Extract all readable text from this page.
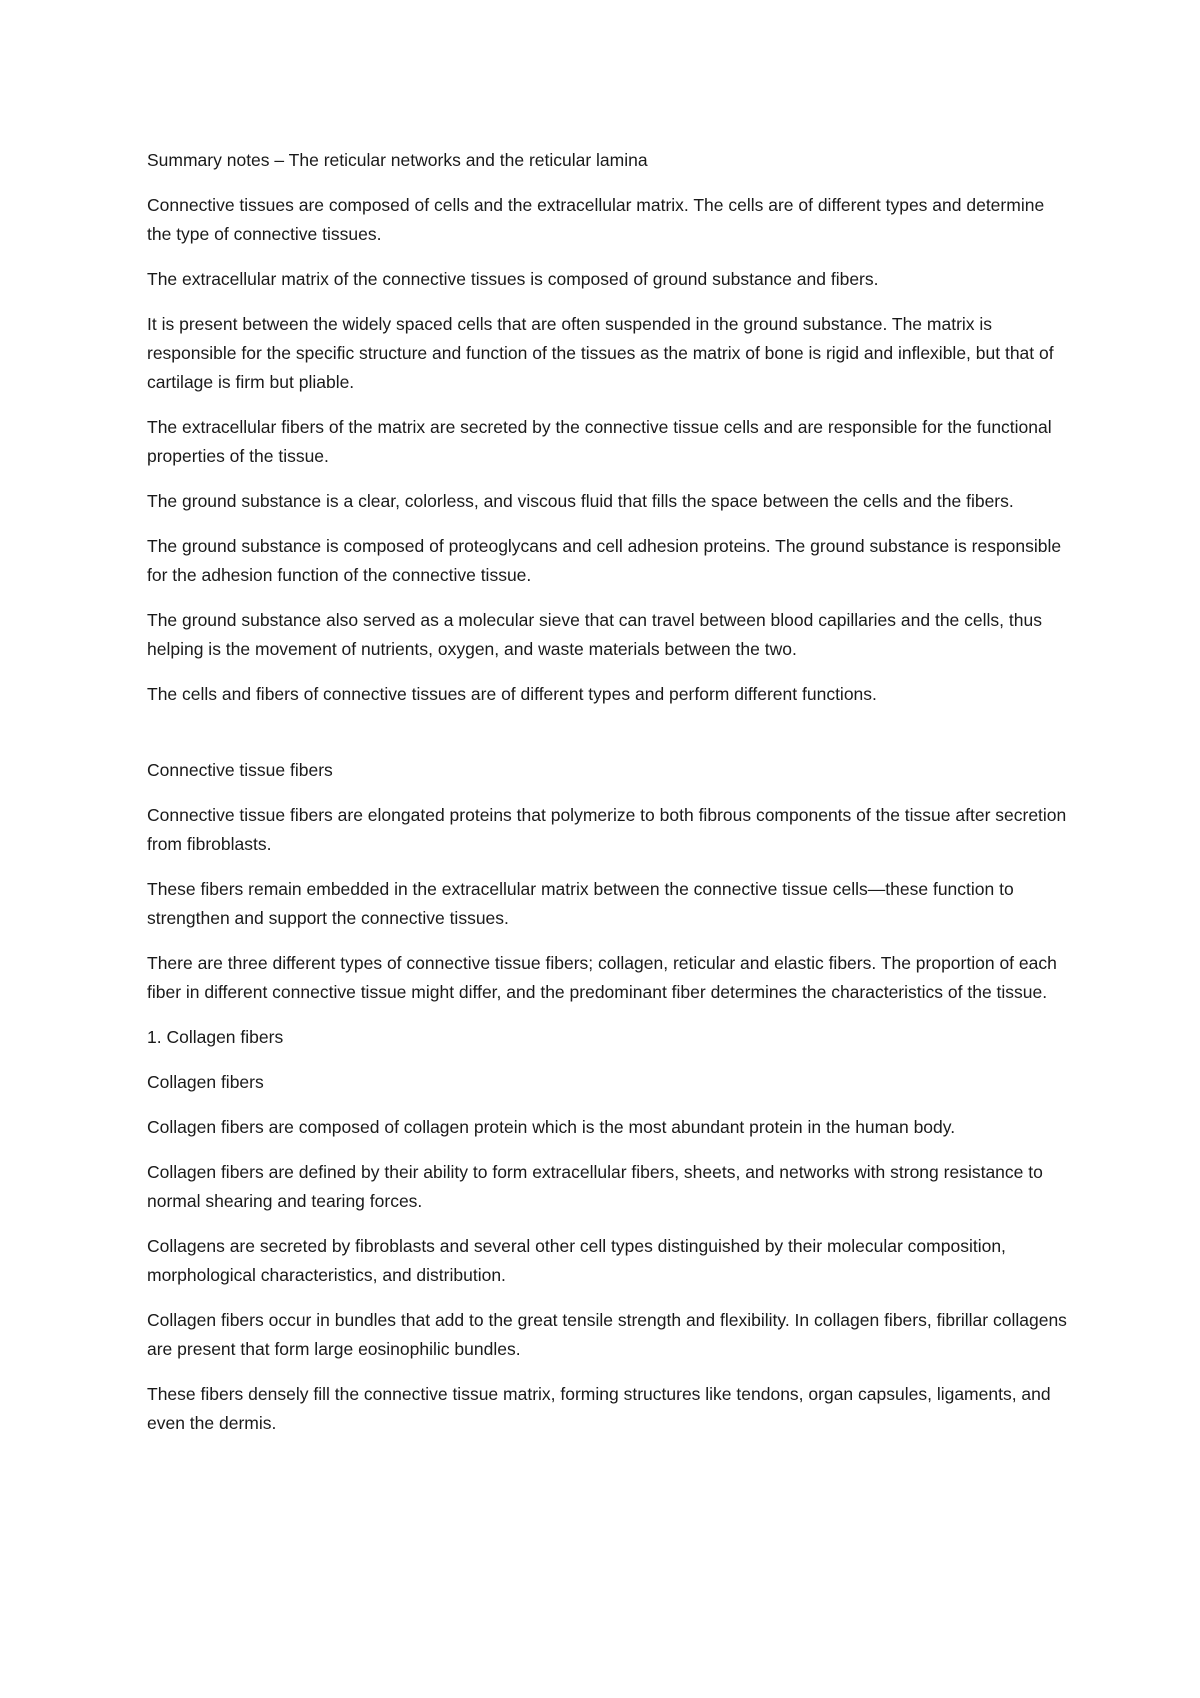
Summary notes – The reticular networks and the reticular lamina

Connective tissues are composed of cells and the extracellular matrix. The cells are of different types and determine the type of connective tissues.

The extracellular matrix of the connective tissues is composed of ground substance and fibers.

It is present between the widely spaced cells that are often suspended in the ground substance. The matrix is responsible for the specific structure and function of the tissues as the matrix of bone is rigid and inflexible, but that of cartilage is firm but pliable.

The extracellular fibers of the matrix are secreted by the connective tissue cells and are responsible for the functional properties of the tissue.

The ground substance is a clear, colorless, and viscous fluid that fills the space between the cells and the fibers.

The ground substance is composed of proteoglycans and cell adhesion proteins. The ground substance is responsible for the adhesion function of the connective tissue.

The ground substance also served as a molecular sieve that can travel between blood capillaries and the cells, thus helping is the movement of nutrients, oxygen, and waste materials between the two.

The cells and fibers of connective tissues are of different types and perform different functions.

Connective tissue fibers

Connective tissue fibers are elongated proteins that polymerize to both fibrous components of the tissue after secretion from fibroblasts.

These fibers remain embedded in the extracellular matrix between the connective tissue cells—these function to strengthen and support the connective tissues.

There are three different types of connective tissue fibers; collagen, reticular and elastic fibers. The proportion of each fiber in different connective tissue might differ, and the predominant fiber determines the characteristics of the tissue.

1. Collagen fibers

Collagen fibers

Collagen fibers are composed of collagen protein which is the most abundant protein in the human body.

Collagen fibers are defined by their ability to form extracellular fibers, sheets, and networks with strong resistance to normal shearing and tearing forces.

Collagens are secreted by fibroblasts and several other cell types distinguished by their molecular composition, morphological characteristics, and distribution.

Collagen fibers occur in bundles that add to the great tensile strength and flexibility. In collagen fibers, fibrillar collagens are present that form large eosinophilic bundles.

These fibers densely fill the connective tissue matrix, forming structures like tendons, organ capsules, ligaments, and even the dermis.
